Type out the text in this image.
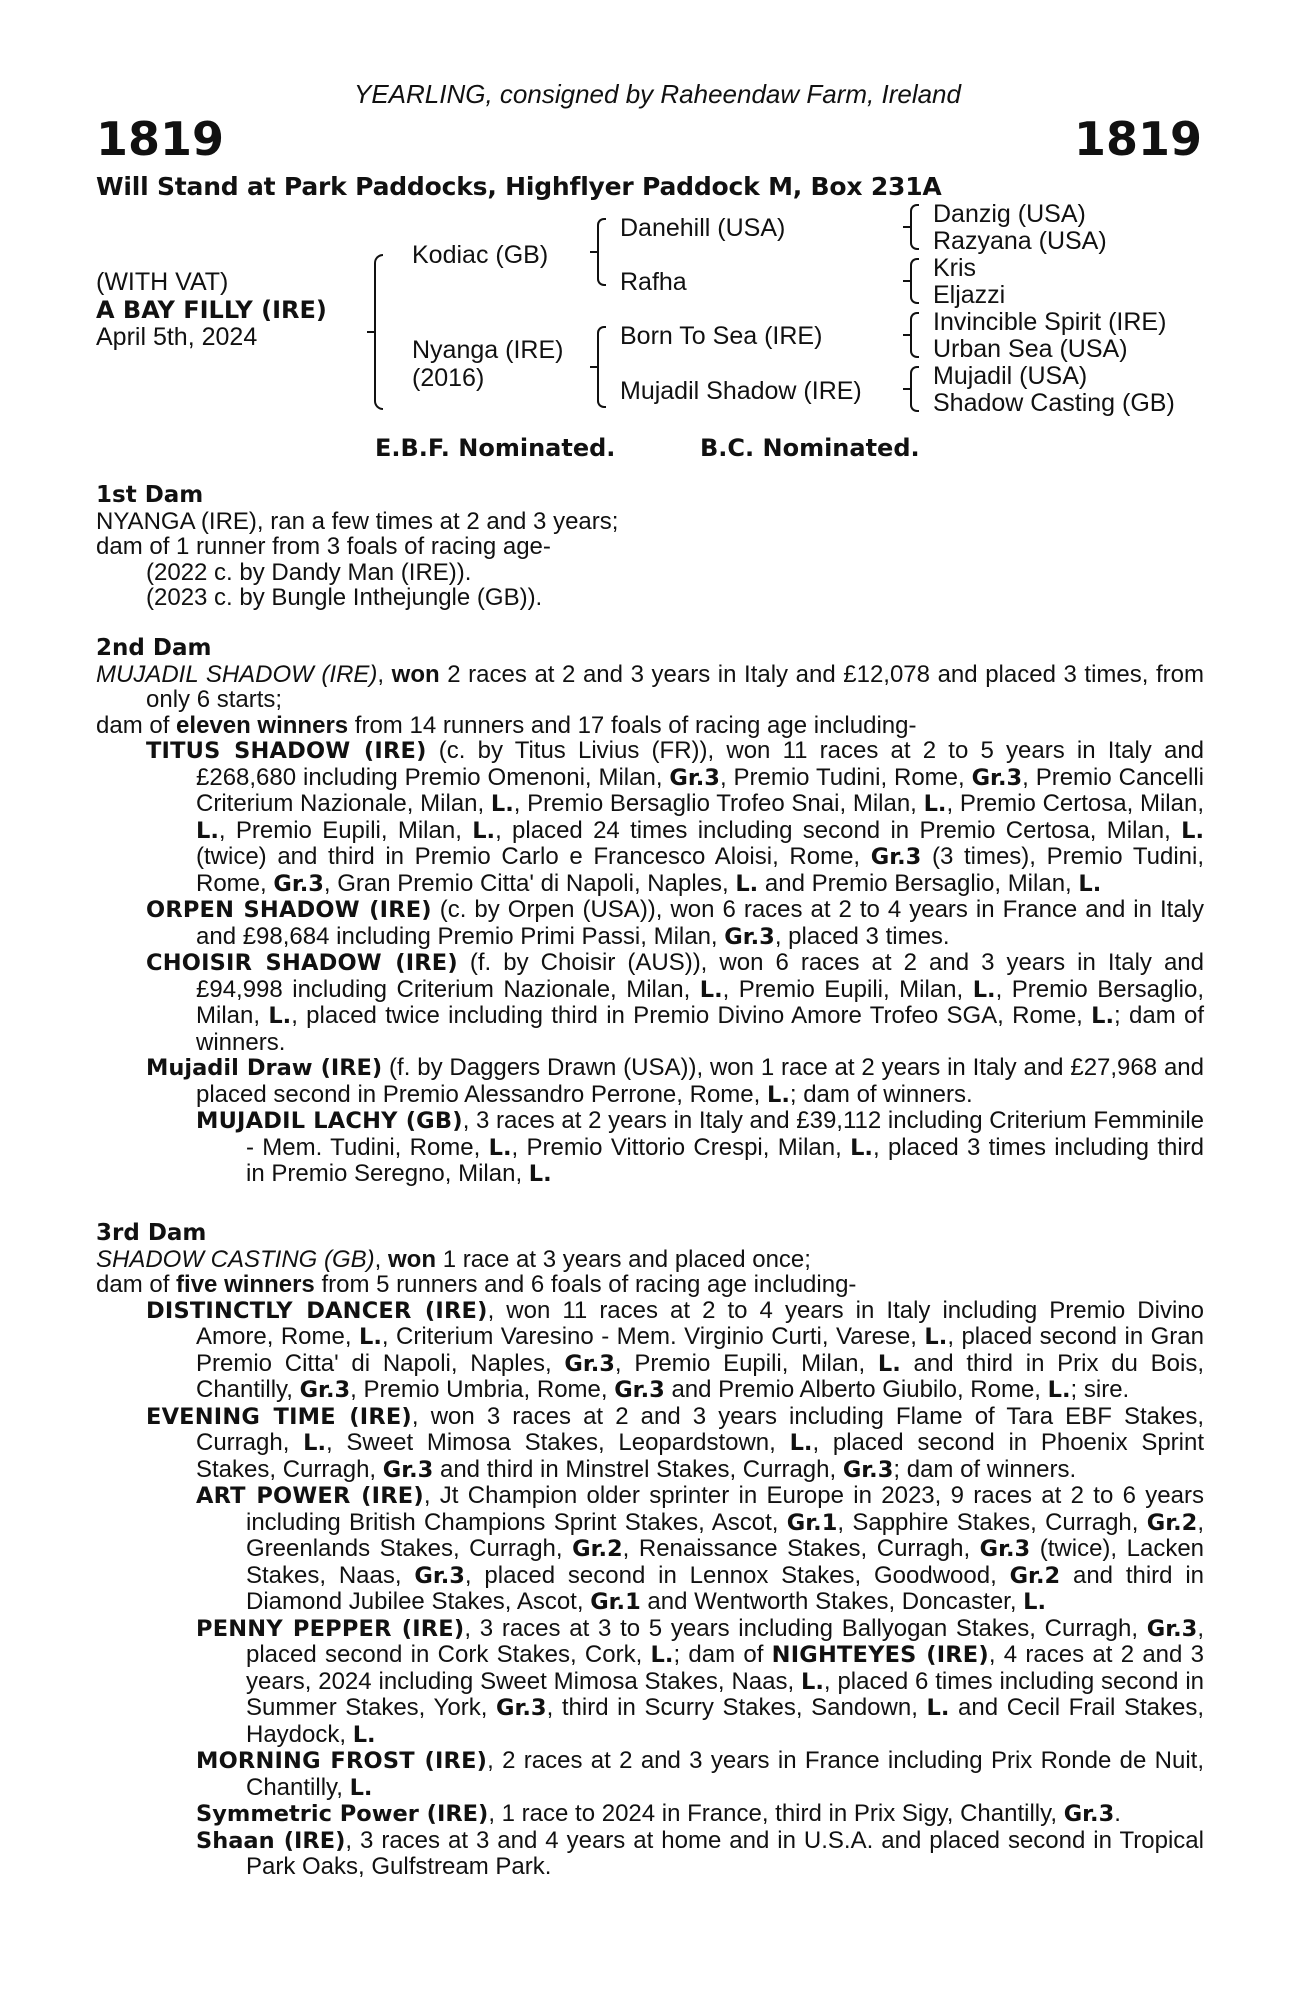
YEARLING, consigned by Raheendaw Farm, Ireland
1819	1819
Will Stand at Park Paddocks, Highflyer Paddock M, Box 231A
(WITH VAT)
A BAY FILLY (IRE)
April 5th, 2024
Kodiac (GB)
Nyanga (IRE)
(2016)
Danehill (USA)
Rafha
Born To Sea (IRE)
Mujadil Shadow (IRE)
Danzig (USA)
Razyana (USA)
Kris
Eljazzi
Invincible Spirit (IRE)
Urban Sea (USA)
Mujadil (USA)
Shadow Casting (GB)
E.B.F. Nominated.	B.C. Nominated.

1st Dam

NYANGA (IRE), ran a few times at 2 and 3 years;

dam of 1 runner from 3 foals of racing age-

(2022 c. by Dandy Man (IRE)).

(2023 c. by Bungle Inthejungle (GB)).

2nd Dam

MUJADIL SHADOW (IRE), won 2 races at 2 and 3 years in Italy and £12,078 and placed 3 times, from only 6 starts;

dam of eleven winners from 14 runners and 17 foals of racing age including-

TITUS SHADOW (IRE) (c. by Titus Livius (FR)), won 11 races at 2 to 5 years in Italy and £268,680 including Premio Omenoni, Milan, Gr.3, Premio Tudini, Rome, Gr.3, Premio Cancelli Criterium Nazionale, Milan, L., Premio Bersaglio Trofeo Snai, Milan, L., Premio Certosa, Milan, L., Premio Eupili, Milan, L., placed 24 times including second in Premio Certosa, Milan, L. (twice) and third in Premio Carlo e Francesco Aloisi, Rome, Gr.3 (3 times), Premio Tudini, Rome, Gr.3, Gran Premio Citta' di Napoli, Naples, L. and Premio Bersaglio, Milan, L.

ORPEN SHADOW (IRE) (c. by Orpen (USA)), won 6 races at 2 to 4 years in France and in Italy and £98,684 including Premio Primi Passi, Milan, Gr.3, placed 3 times.

CHOISIR SHADOW (IRE) (f. by Choisir (AUS)), won 6 races at 2 and 3 years in Italy and £94,998 including Criterium Nazionale, Milan, L., Premio Eupili, Milan, L., Premio Bersaglio, Milan, L., placed twice including third in Premio Divino Amore Trofeo SGA, Rome, L.; dam of winners.

Mujadil Draw (IRE) (f. by Daggers Drawn (USA)), won 1 race at 2 years in Italy and £27,968 and placed second in Premio Alessandro Perrone, Rome, L.; dam of winners.

MUJADIL LACHY (GB), 3 races at 2 years in Italy and £39,112 including Criterium Femminile - Mem. Tudini, Rome, L., Premio Vittorio Crespi, Milan, L., placed 3 times including third in Premio Seregno, Milan, L.

3rd Dam

SHADOW CASTING (GB), won 1 race at 3 years and placed once;

dam of five winners from 5 runners and 6 foals of racing age including-

DISTINCTLY DANCER (IRE), won 11 races at 2 to 4 years in Italy including Premio Divino Amore, Rome, L., Criterium Varesino - Mem. Virginio Curti, Varese, L., placed second in Gran Premio Citta' di Napoli, Naples, Gr.3, Premio Eupili, Milan, L. and third in Prix du Bois, Chantilly, Gr.3, Premio Umbria, Rome, Gr.3 and Premio Alberto Giubilo, Rome, L.; sire.

EVENING TIME (IRE), won 3 races at 2 and 3 years including Flame of Tara EBF Stakes, Curragh, L., Sweet Mimosa Stakes, Leopardstown, L., placed second in Phoenix Sprint Stakes, Curragh, Gr.3 and third in Minstrel Stakes, Curragh, Gr.3; dam of winners.

ART POWER (IRE), Jt Champion older sprinter in Europe in 2023, 9 races at 2 to 6 years including British Champions Sprint Stakes, Ascot, Gr.1, Sapphire Stakes, Curragh, Gr.2, Greenlands Stakes, Curragh, Gr.2, Renaissance Stakes, Curragh, Gr.3 (twice), Lacken Stakes, Naas, Gr.3, placed second in Lennox Stakes, Goodwood, Gr.2 and third in Diamond Jubilee Stakes, Ascot, Gr.1 and Wentworth Stakes, Doncaster, L.

PENNY PEPPER (IRE), 3 races at 3 to 5 years including Ballyogan Stakes, Curragh, Gr.3, placed second in Cork Stakes, Cork, L.; dam of NIGHTEYES (IRE), 4 races at 2 and 3 years, 2024 including Sweet Mimosa Stakes, Naas, L., placed 6 times including second in Summer Stakes, York, Gr.3, third in Scurry Stakes, Sandown, L. and Cecil Frail Stakes, Haydock, L.

MORNING FROST (IRE), 2 races at 2 and 3 years in France including Prix Ronde de Nuit, Chantilly, L.

Symmetric Power (IRE), 1 race to 2024 in France, third in Prix Sigy, Chantilly, Gr.3.

Shaan (IRE), 3 races at 3 and 4 years at home and in U.S.A. and placed second in Tropical Park Oaks, Gulfstream Park.
